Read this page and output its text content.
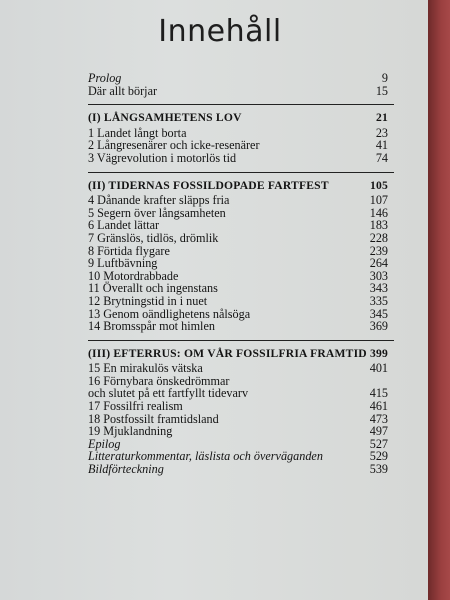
Innehåll
Prolog	9
Där allt börjar	15
(I) LÅNGSAMHETENS LOV	21
1 Landet långt borta	23
2 Långresenärer och icke-resenärer	41
3 Vägrevolution i motorlös tid	74
(II) TIDERNAS FOSSILDOPADE FARTFEST	105
4 Dånande krafter släpps fria	107
5 Segern över långsamheten	146
6 Landet lättar	183
7 Gränslös, tidlös, drömlik	228
8 Förtida flygare	239
9 Luftbävning	264
10 Motordrabbade	303
11 Överallt och ingenstans	343
12 Brytningstid in i nuet	335
13 Genom oändlighetens nålsöga	345
14 Bromsspår mot himlen	369
(III) EFTERRUS: OM VÅR FOSSILFRIA FRAMTID 399
15 En mirakulös vätska	401
16 Förnybara önskedrömmar
och slutet på ett fartfyllt tidevarv	415
17 Fossilfri realism	461
18 Postfossilt framtidsland	473
19 Mjuklandning	497
Epilog	527
Litteraturkommentar, läslista och överväganden	529
Bildförteckning	539
